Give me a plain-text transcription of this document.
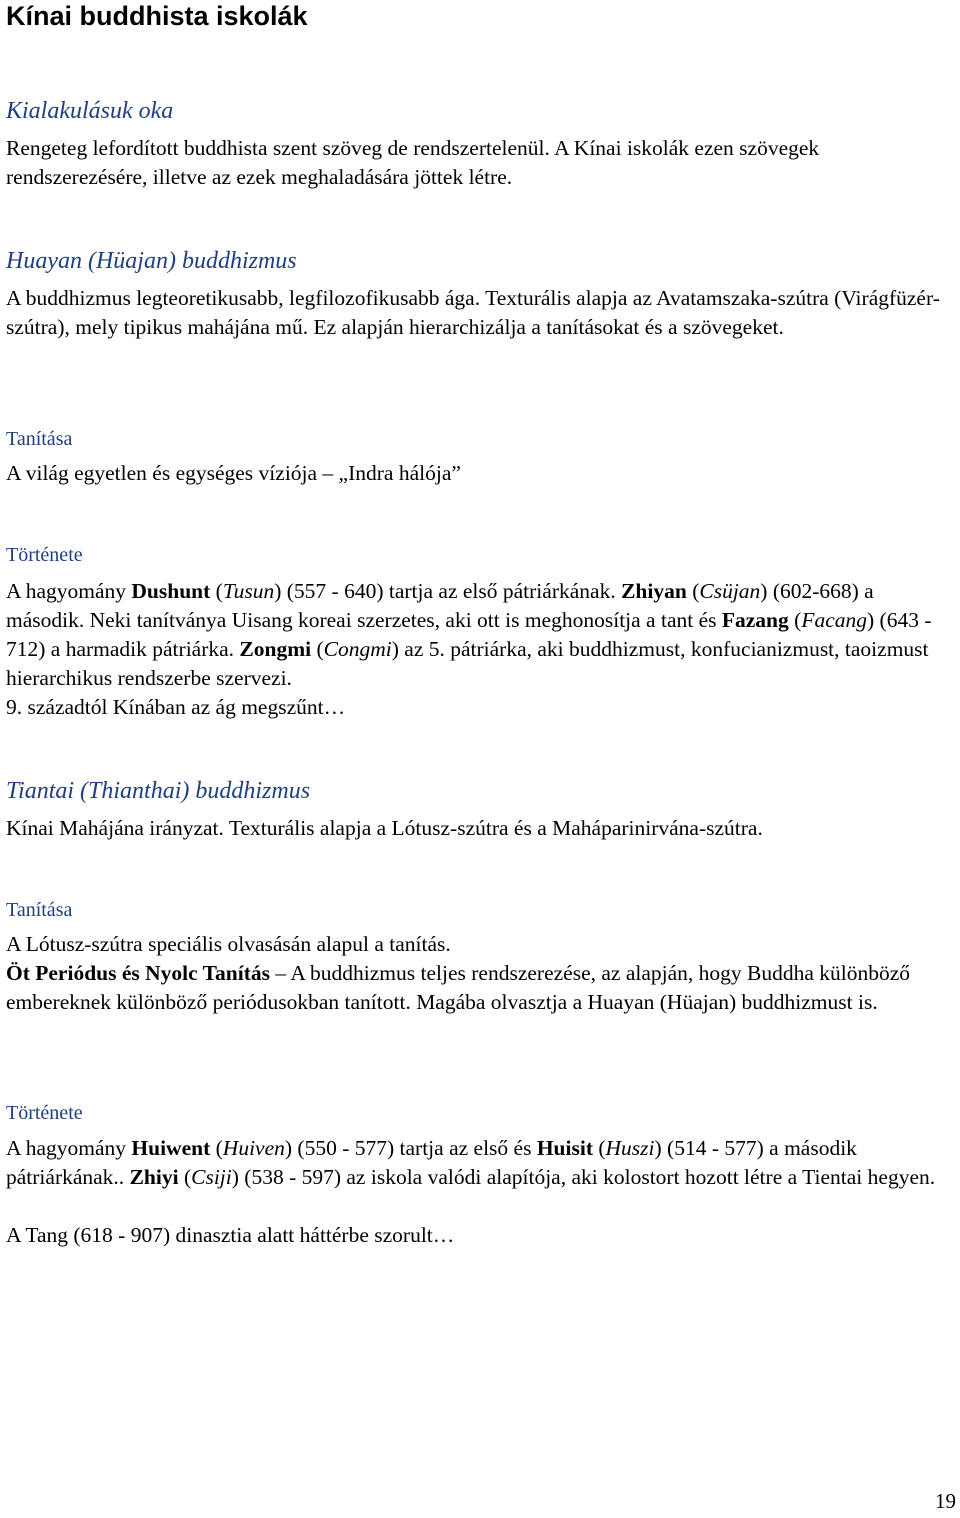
Kínai buddhista iskolák
Kialakulásuk oka

Rengeteg lefordított buddhista szent szöveg de rendszertelenül. A Kínai iskolák ezen szövegek rendszerezésére, illetve az ezek meghaladására jöttek létre.

Huayan (Hüajan) buddhizmus

A buddhizmus legteoretikusabb, legfilozofikusabb ága. Texturális alapja az Avatamszaka-szútra (Virágfüzér-szútra), mely tipikus mahájána mű. Ez alapján hierarchizálja a tanításokat és a szövegeket.

Tanítása

A világ egyetlen és egységes víziója – „Indra hálója”

Története

A hagyomány Dushunt (Tusun) (557 - 640) tartja az első pátriárkának. Zhiyan (Csüjan) (602-668) a második. Neki tanítványa Uisang koreai szerzetes, aki ott is meghonosítja a tant és Fazang (Facang) (643 - 712) a harmadik pátriárka. Zongmi (Congmi) az 5. pátriárka, aki buddhizmust, konfucianizmust, taoizmust hierarchikus rendszerbe szervezi.

9. századtól Kínában az ág megszűnt…

Tiantai (Thianthai) buddhizmus

Kínai Mahájána irányzat. Texturális alapja a Lótusz-szútra és a Maháparinirvána-szútra.

Tanítása

A Lótusz-szútra speciális olvasásán alapul a tanítás.

Öt Periódus és Nyolc Tanítás – A buddhizmus teljes rendszerezése, az alapján, hogy Buddha különböző embereknek különböző periódusokban tanított. Magába olvasztja a Huayan (Hüajan) buddhizmust is.

Története

A hagyomány Huiwent (Huiven) (550 - 577) tartja az első és Huisit (Huszi) (514 - 577) a második pátriárkának.. Zhiyi (Csiji) (538 - 597) az iskola valódi alapítója, aki kolostort hozott létre a Tientai hegyen.

A Tang (618 - 907) dinasztia alatt háttérbe szorult…

19
